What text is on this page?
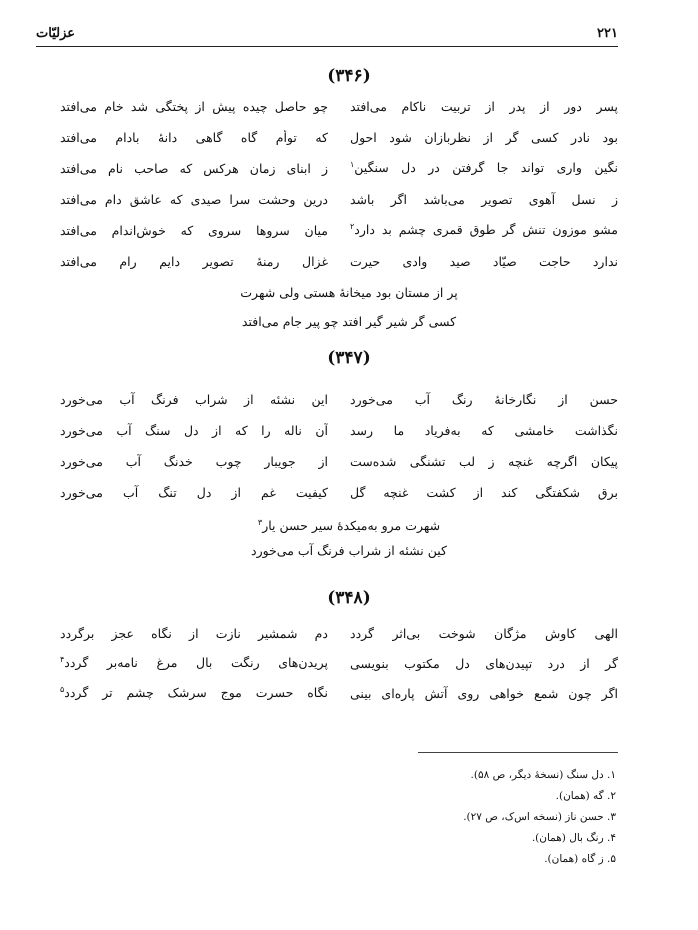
۲۲۱
عزلیّات
(۳۴۶)
پسر دور از پدر از تربیت ناکام می‌افتد
چو حاصل چیده پیش از پختگی شد خام می‌افتد
بود نادر کسی گر از نظربازان شود احول
که توأم گاه گاهی دانهٔ بادام می‌افتد
نگین واری تواند جا گرفتن در دل سنگین$^۱$
ز ابنای زمان هرکس که صاحب نام می‌افتد
ز نسل آهوی تصویر می‌باشد اگر باشد
درین وحشت سرا صیدی که عاشق دام می‌افتد
مشو موزون تنش گر طوق قمری چشم بد دارد$^۲$
میان سروها سروی که خوش‌اندام می‌افتد
ندارد حاجت صیّاد صید وادی حیرت
غزال رمنهٔ تصویر دایم رام می‌افتد
پر از مستان بود میخانهٔ هستی ولی شهرت
کسی گر شیر گیر افتد چو پیر جام می‌افتد
(۳۴۷)
حسن از نگارخانهٔ رنگ آب می‌خورد
این نشئه از شراب فرنگ آب می‌خورد
نگذاشت خامشی که به‌فریاد ما رسد
آن ناله را که از دل سنگ آب می‌خورد
پیکان اگرچه غنچه ز لب تشنگی شده‌ست
از جویبار چوب خدنگ آب می‌خورد
برق شکفتگی کند از کشت غنچه گل
کیفیت غم از دل تنگ آب می‌خورد
شهرت مرو به‌میکدهٔ سیر حسن یار$^۳$
کین نشئه از شراب فرنگ آب می‌خورد
(۳۴۸)
الهی کاوش مژگان شوخت بی‌اثر گردد
دم شمشیر نازت از نگاه عجز برگردد
گر از درد تپیدن‌های دل مکتوب بنویسی
پریدن‌های رنگت بال مرغ نامه‌بر گردد$^۴$
اگر چون شمع خواهی روی آتش پاره‌ای بینی
نگاه حسرت موج سرشک چشم تر گردد$^۵$
۱. دل سنگ (نسخهٔ دیگر، ص ۵۸).
۲. گه (همان).
۳. حسن ناز (نسخه اس‌ک، ص ۲۷).
۴. رنگ بال (همان).
۵. ز گاه (همان).
